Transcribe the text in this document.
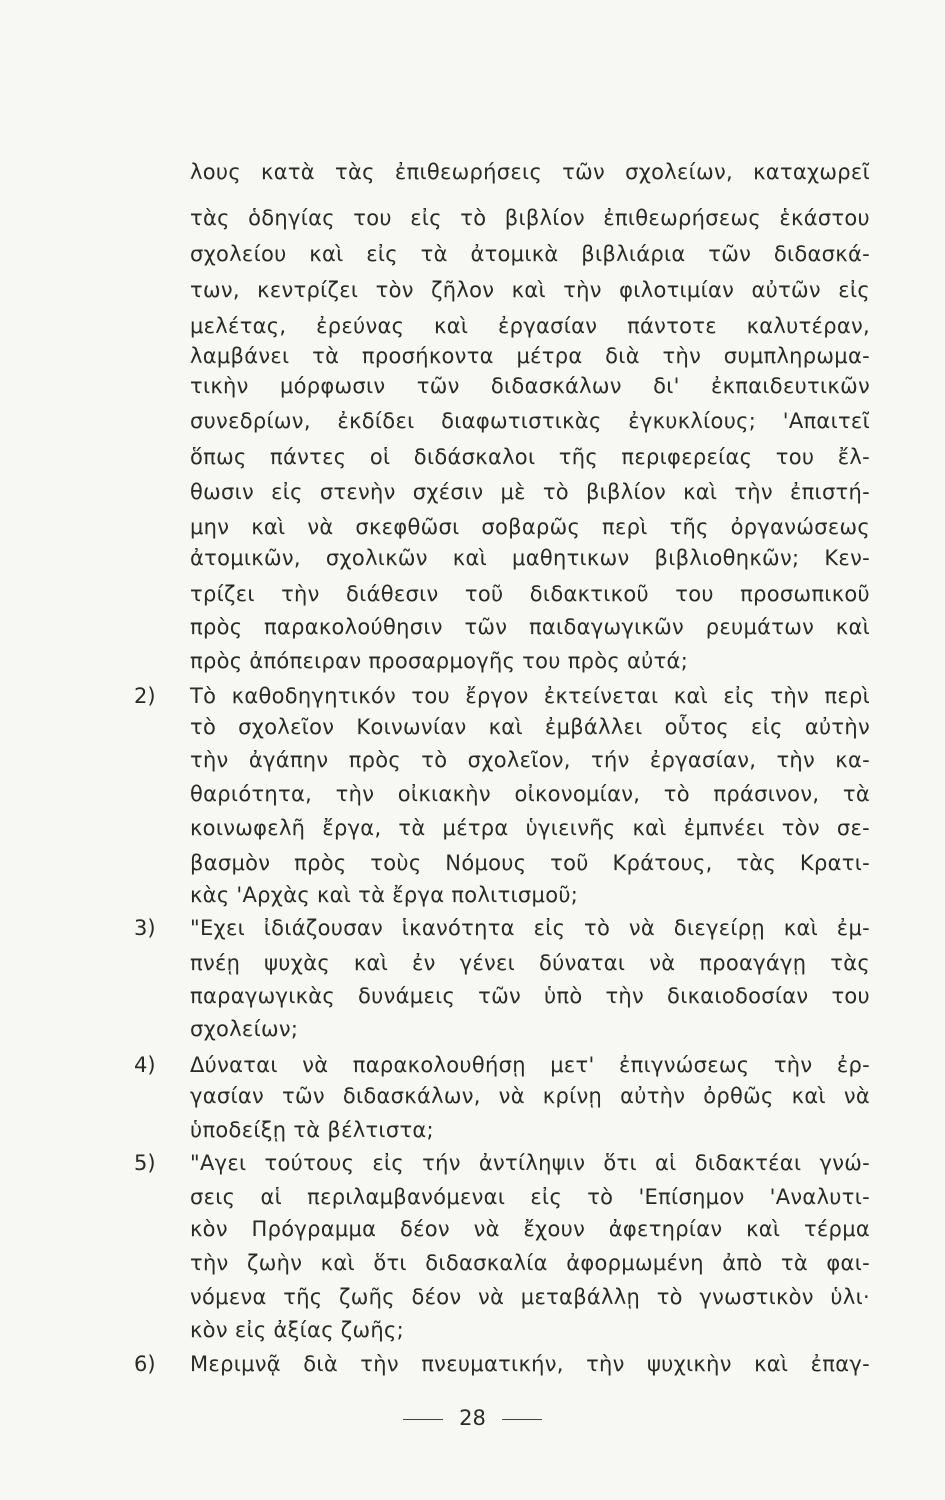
λους κατὰ τὰς ἐπιθεωρήσεις τῶν σχολείων, καταχωρεῖ
τὰς ὁδηγίας του εἰς τὸ βιβλίον ἐπιθεωρήσεως ἑκάστου
σχολείου καὶ εἰς τὰ ἀτομικὰ βιβλιάρια τῶν διδασκά-
των, κεντρίζει τὸν ζῆλον καὶ τὴν φιλοτιμίαν αὐτῶν εἰς
μελέτας, ἐρεύνας καὶ ἐργασίαν πάντοτε καλυτέραν,
λαμβάνει τὰ προσήκοντα μέτρα διὰ τὴν συμπληρωμα-
τικὴν μόρφωσιν τῶν διδασκάλων δι' ἐκπαιδευτικῶν
συνεδρίων, ἐκδίδει διαφωτιστικὰς ἐγκυκλίους; 'Απαιτεῖ
ὅπως πάντες οἱ διδάσκαλοι τῆς περιφερείας του ἔλ-
θωσιν εἰς στενὴν σχέσιν μὲ τὸ βιβλίον καὶ τὴν ἐπιστή-
μην καὶ νὰ σκεφθῶσι σοβαρῶς περὶ τῆς ὀργανώσεως
ἀτομικῶν, σχολικῶν καὶ μαθητικων βιβλιοθηκῶν; Κεν-
τρίζει τὴν διάθεσιν τοῦ διδακτικοῦ του προσωπικοῦ
πρὸς παρακολούθησιν τῶν παιδαγωγικῶν ρευμάτων καὶ
πρὸς ἀπόπειραν προσαρμογῆς του πρὸς αὐτά;
2)	Τὸ καθοδηγητικόν του ἔργον ἐκτείνεται καὶ εἰς τὴν περὶ
τὸ σχολεῖον Κοινωνίαν καὶ ἐμβάλλει οὗτος εἰς αὐτὴν
τὴν ἀγάπην πρὸς τὸ σχολεῖον, τήν ἐργασίαν, τὴν κα-
θαριότητα, τὴν οἰκιακὴν οἰκονομίαν, τὸ πράσινον, τὰ
κοινωφελῆ ἔργα, τὰ μέτρα ὑγιεινῆς καὶ ἐμπνέει τὸν σε-
βασμὸν πρὸς τοὺς Νόμους τοῦ Κράτους, τὰς Κρατι-
κὰς 'Αρχὰς καὶ τὰ ἔργα πολιτισμοῦ;
3)	"Εχει ἰδιάζουσαν ἱκανότητα εἰς τὸ νὰ διεγείρῃ καὶ ἐμ-
πνέῃ ψυχὰς καὶ ἐν γένει δύναται νὰ προαγάγῃ τὰς
παραγωγικὰς δυνάμεις τῶν ὑπὸ τὴν δικαιοδοσίαν του
σχολείων;
4)	Δύναται νὰ παρακολουθήσῃ μετ' ἐπιγνώσεως τὴν ἐρ-
γασίαν τῶν διδασκάλων, νὰ κρίνῃ αὐτὴν ὀρθῶς καὶ νὰ
ὑποδείξῃ τὰ βέλτιστα;
5)	"Αγει τούτους εἰς τήν ἀντίληψιν ὅτι αἱ διδακτέαι γνώ-
σεις αἱ περιλαμβανόμεναι εἰς τὸ 'Επίσημον 'Αναλυτι-
κὸν Πρόγραμμα δέον νὰ ἔχουν ἀφετηρίαν καὶ τέρμα
τὴν ζωὴν καὶ ὅτι διδασκαλία ἀφορμωμένη ἀπὸ τὰ φαι-
νόμενα τῆς ζωῆς δέον νὰ μεταβάλλῃ τὸ γνωστικὸν ὑλι·
κὸν εἰς ἀξίας ζωῆς;
6)	Μεριμνᾷ διὰ τὴν πνευματικήν, τὴν ψυχικὴν καὶ ἐπαγ-
28
